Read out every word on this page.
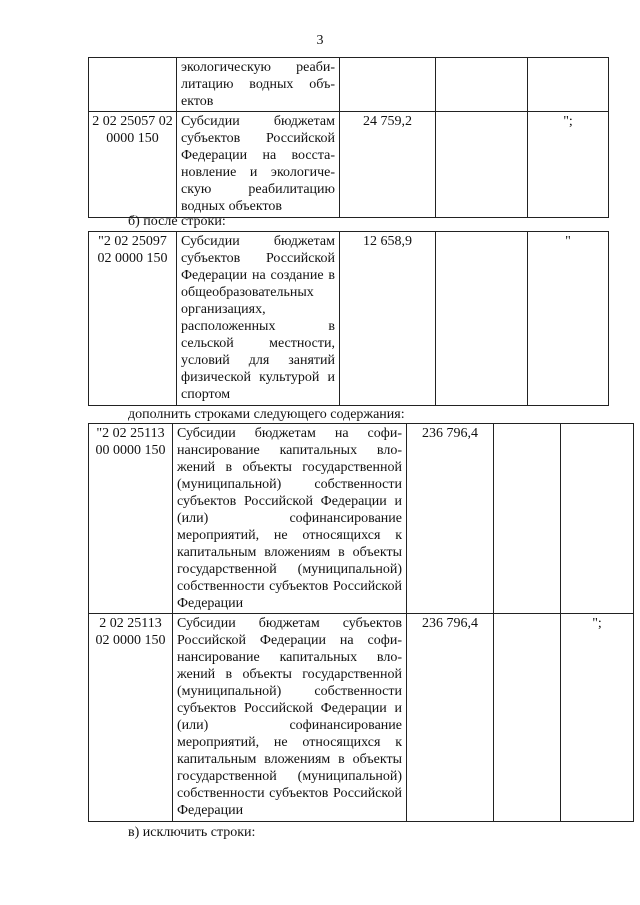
3
	экологическую реабилитацию водных объектов			
2 02 25057 02 0000 150	Субсидии бюджетам субъектов Российской Федерации на восстановление и экологическую реабилитацию водных объектов	24 759,2		";
б) после строки:
"2 02 25097 02 0000 150	Субсидии бюджетам субъектов Российской Федерации на создание в общеобразовательных организациях, расположенных в сельской местности, условий для занятий физической культурой и спортом	12 658,9		"
дополнить строками следующего содержания:
"2 02 25113 00 0000 150	Субсидии бюджетам на софинансирование капитальных вложений в объекты государственной (муниципальной) собственности субъектов Российской Федерации и (или) софинансирование мероприятий, не относящихся к капитальным вложениям в объекты государственной (муниципальной) собственности субъектов Российской Федерации	236 796,4		
2 02 25113 02 0000 150	Субсидии бюджетам субъектов Российской Федерации на софинансирование капитальных вложений в объекты государственной (муниципальной) собственности субъектов Российской Федерации и (или) софинансирование мероприятий, не относящихся к капитальным вложениям в объекты государственной (муниципальной) собственности субъектов Российской Федерации	236 796,4		";
в) исключить строки:
